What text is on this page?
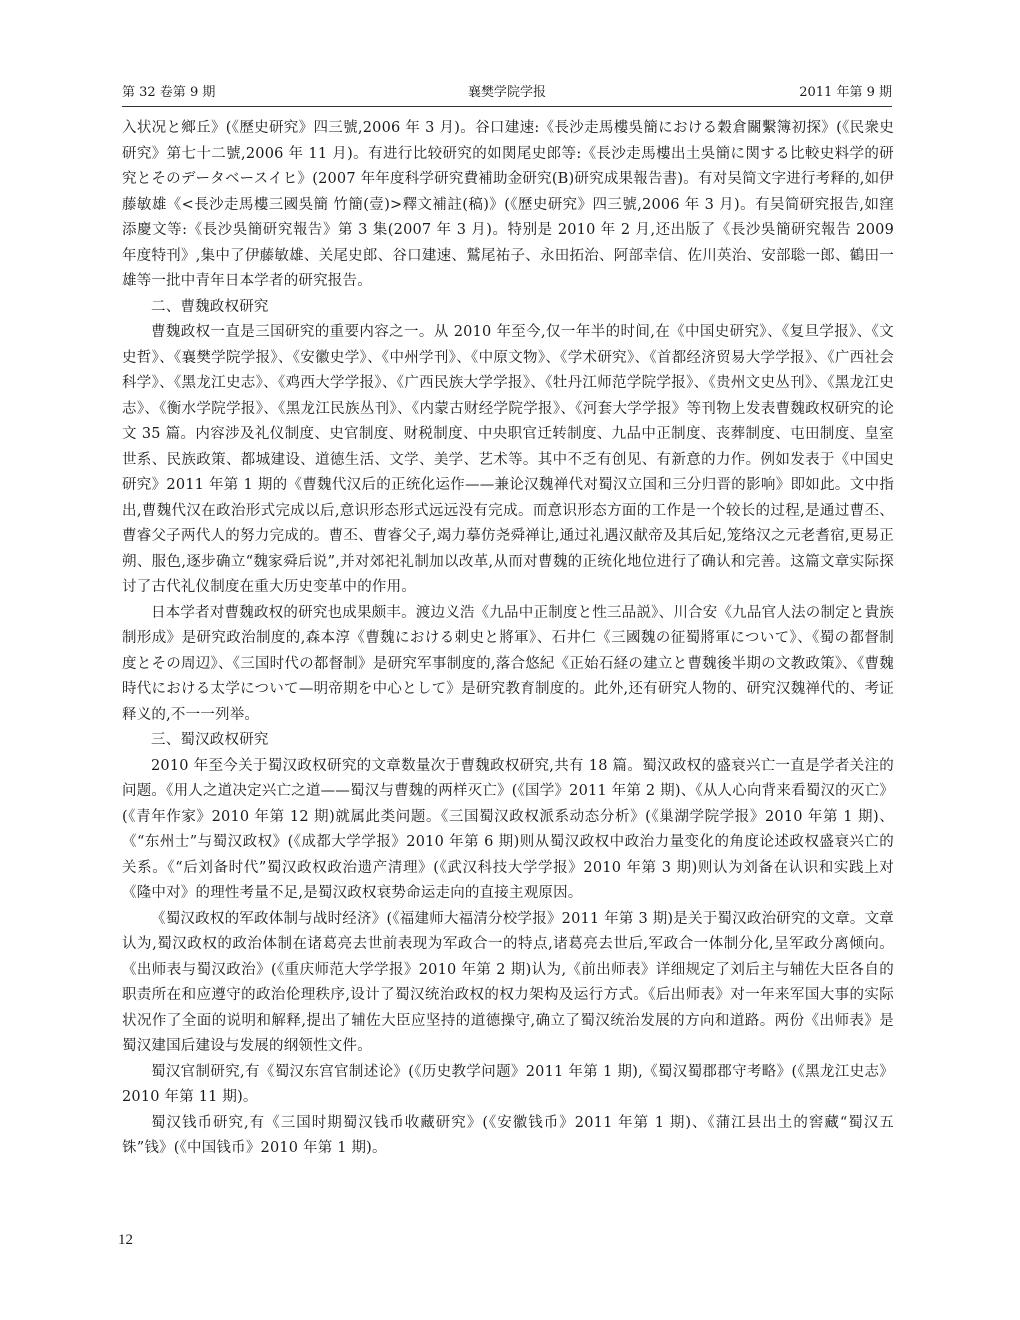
第 32 卷第 9 期	襄樊学院学报	2011 年第 9 期

入状况と鄉丘》(《歷史研究》四三號,2006 年 3 月)。谷口建速:《長沙走馬樓吳簡における穀倉關繫簿初探》(《民衆史研究》第七十二號,2006 年 11 月)。有进行比较研究的如関尾史郎等:《長沙走馬樓出土吳簡に関する比較史料学的研究とそのデータベースイヒ》(2007 年年度科学研究費補助金研究(B)研究成果報告書)。有对吴简文字进行考释的,如伊藤敏雄《<長沙走馬樓三國吳簡 竹簡(壹)>釋文補註(稿)》(《歷史研究》四三號,2006 年 3 月)。有吴简研究报告,如窪添慶文等:《長沙吳簡研究報告》第 3 集(2007 年 3 月)。特别是 2010 年 2 月,还出版了《長沙吳簡研究報告 2009 年度特刊》,集中了伊藤敏雄、关尾史郎、谷口建速、鷲尾祐子、永田拓治、阿部幸信、佐川英治、安部聡一郎、鶴田一雄等一批中青年日本学者的研究报告。

二、曹魏政权研究

曹魏政权一直是三国研究的重要内容之一。从 2010 年至今,仅一年半的时间,在《中国史研究》、《复旦学报》、《文史哲》、《襄樊学院学报》、《安徽史学》、《中州学刊》、《中原文物》、《学术研究》、《首都经济贸易大学学报》、《广西社会科学》、《黑龙江史志》、《鸡西大学学报》、《广西民族大学学报》、《牡丹江师范学院学报》、《贵州文史丛刊》、《黑龙江史志》、《衡水学院学报》、《黑龙江民族丛刊》、《内蒙古财经学院学报》、《河套大学学报》等刊物上发表曹魏政权研究的论文 35 篇。内容涉及礼仪制度、史官制度、财税制度、中央职官迁转制度、九品中正制度、丧葬制度、屯田制度、皇室世系、民族政策、都城建设、道德生活、文学、美学、艺术等。其中不乏有创见、有新意的力作。例如发表于《中国史研究》2011 年第 1 期的《曹魏代汉后的正统化运作——兼论汉魏禅代对蜀汉立国和三分归晋的影响》即如此。文中指出,曹魏代汉在政治形式完成以后,意识形态形式远远没有完成。而意识形态方面的工作是一个较长的过程,是通过曹丕、曹睿父子两代人的努力完成的。曹丕、曹睿父子,竭力摹仿尧舜禅让,通过礼遇汉献帝及其后妃,笼络汉之元老耆宿,更易正朔、服色,逐步确立“魏家舜后说”,并对郊祀礼制加以改革,从而对曹魏的正统化地位进行了确认和完善。这篇文章实际探讨了古代礼仪制度在重大历史变革中的作用。

日本学者对曹魏政权的研究也成果颇丰。渡边义浩《九品中正制度と性三品説》、川合安《九品官人法の制定と貴族制形成》是研究政治制度的,森本淳《曹魏における刺史と將軍》、石井仁《三國魏の征蜀將軍について》、《蜀の都督制度とその周辺》、《三国时代の都督制》是研究军事制度的,落合悠紀《正始石経の建立と曹魏後半期の文教政策》、《曹魏時代における太学について—明帝期を中心として》是研究教育制度的。此外,还有研究人物的、研究汉魏禅代的、考证释义的,不一一列举。

三、蜀汉政权研究

2010 年至今关于蜀汉政权研究的文章数量次于曹魏政权研究,共有 18 篇。蜀汉政权的盛衰兴亡一直是学者关注的问题。《用人之道决定兴亡之道——蜀汉与曹魏的两样灭亡》(《国学》2011 年第 2 期)、《从人心向背来看蜀汉的灭亡》(《青年作家》2010 年第 12 期)就属此类问题。《三国蜀汉政权派系动态分析》(《巢湖学院学报》2010 年第 1 期)、《“东州士”与蜀汉政权》(《成都大学学报》2010 年第 6 期)则从蜀汉政权中政治力量变化的角度论述政权盛衰兴亡的关系。《“后刘备时代”蜀汉政权政治遗产清理》(《武汉科技大学学报》2010 年第 3 期)则认为刘备在认识和实践上对《隆中对》的理性考量不足,是蜀汉政权衰势命运走向的直接主观原因。

《蜀汉政权的军政体制与战时经济》(《福建师大福清分校学报》2011 年第 3 期)是关于蜀汉政治研究的文章。文章认为,蜀汉政权的政治体制在诸葛亮去世前表现为军政合一的特点,诸葛亮去世后,军政合一体制分化,呈军政分离倾向。《出师表与蜀汉政治》(《重庆师范大学学报》2010 年第 2 期)认为,《前出师表》详细规定了刘后主与辅佐大臣各自的职责所在和应遵守的政治伦理秩序,设计了蜀汉统治政权的权力架构及运行方式。《后出师表》对一年来军国大事的实际状况作了全面的说明和解释,提出了辅佐大臣应坚持的道德操守,确立了蜀汉统治发展的方向和道路。两份《出师表》是蜀汉建国后建设与发展的纲领性文件。

蜀汉官制研究,有《蜀汉东宫官制述论》(《历史教学问题》2011 年第 1 期),《蜀汉蜀郡郡守考略》(《黑龙江史志》2010 年第 11 期)。

蜀汉钱币研究,有《三国时期蜀汉钱币收藏研究》(《安徽钱币》2011 年第 1 期)、《蒲江县出土的窖藏“蜀汉五铢”钱》(《中国钱币》2010 年第 1 期)。

12
